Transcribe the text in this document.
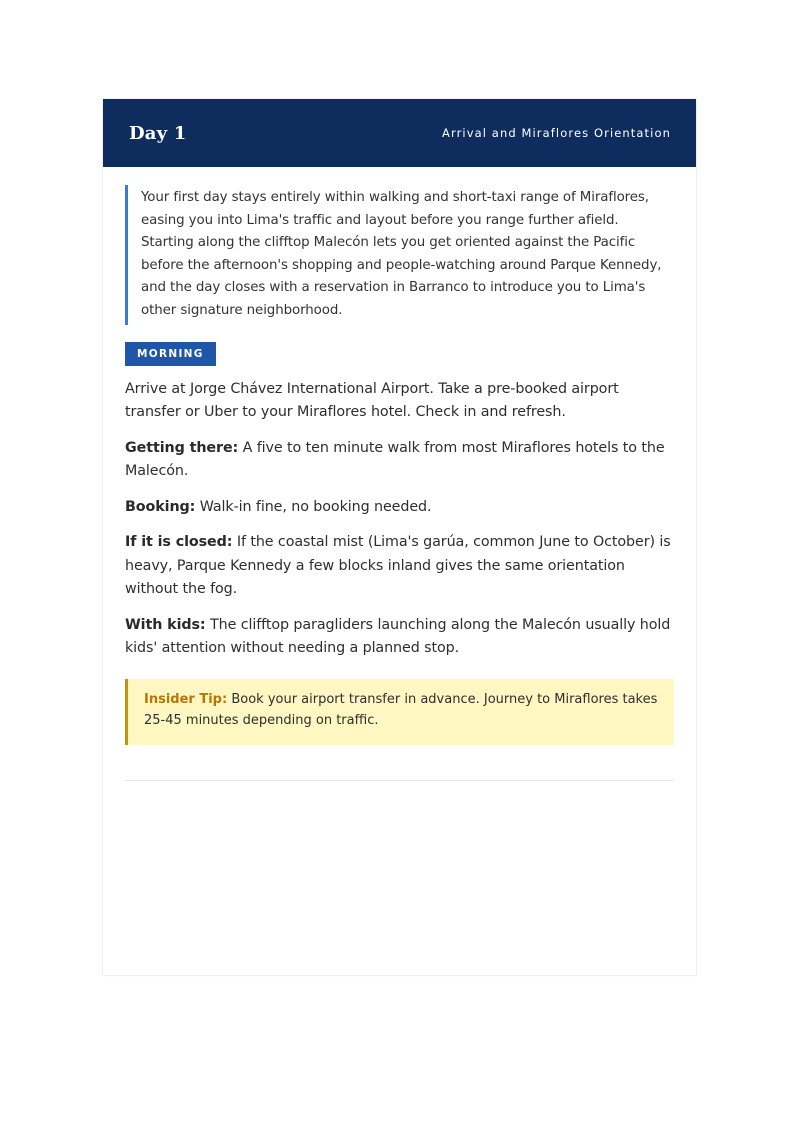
Day 1	Arrival and Miraflores Orientation
Your first day stays entirely within walking and short-taxi range of Miraflores, easing you into Lima's traffic and layout before you range further afield. Starting along the clifftop Malecón lets you get oriented against the Pacific before the afternoon's shopping and people-watching around Parque Kennedy, and the day closes with a reservation in Barranco to introduce you to Lima's other signature neighborhood.
MORNING

Arrive at Jorge Chávez International Airport. Take a pre-booked airport transfer or Uber to your Miraflores hotel. Check in and refresh.

Getting there: A five to ten minute walk from most Miraflores hotels to the Malecón.

Booking: Walk-in fine, no booking needed.

If it is closed: If the coastal mist (Lima's garúa, common June to October) is heavy, Parque Kennedy a few blocks inland gives the same orientation without the fog.

With kids: The clifftop paragliders launching along the Malecón usually hold kids' attention without needing a planned stop.

Insider Tip: Book your airport transfer in advance. Journey to Miraflores takes 25-45 minutes depending on traffic.
